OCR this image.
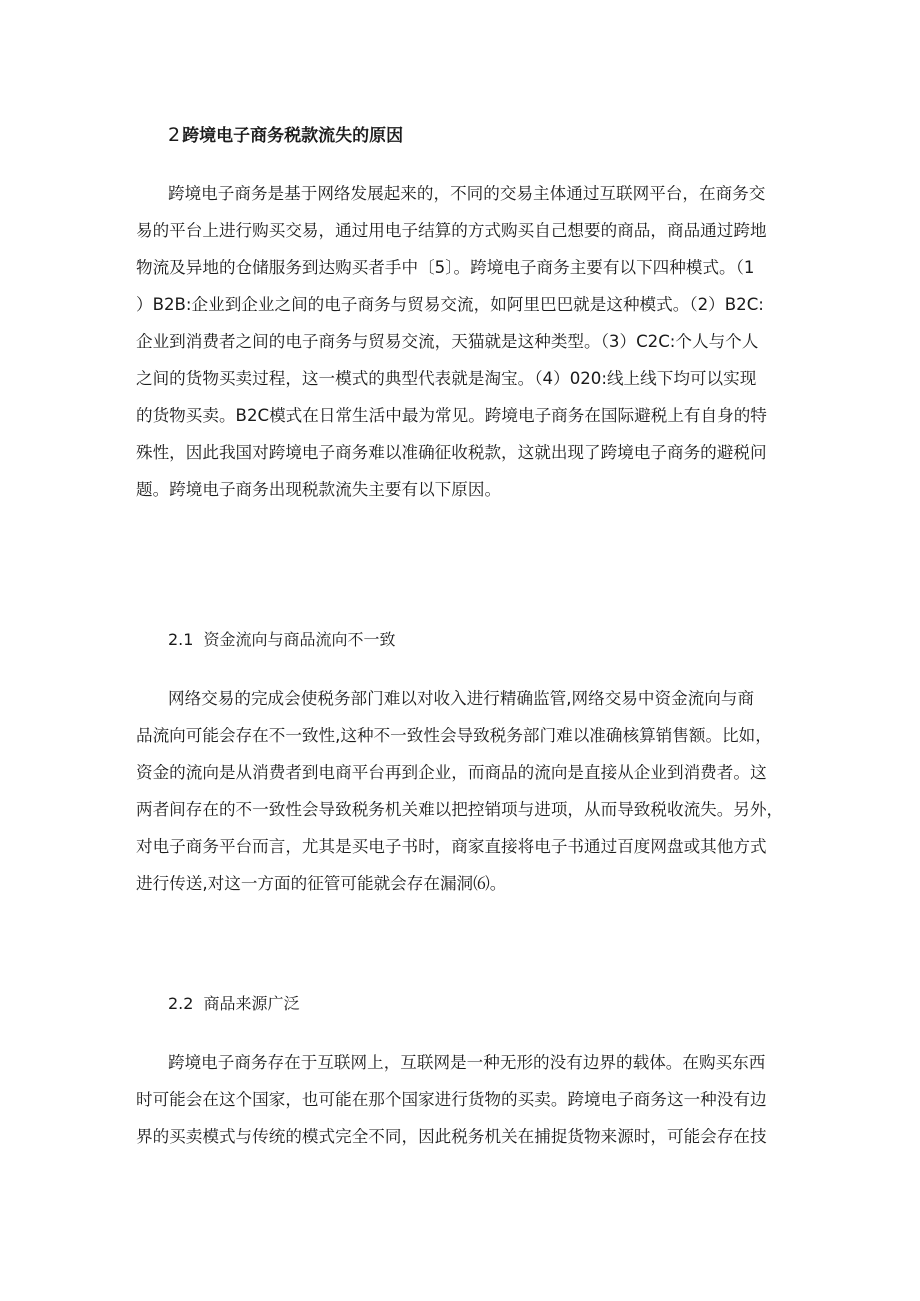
2 跨境电子商务税款流失的原因
跨境电子商务是基于网络发展起来的，不同的交易主体通过互联网平台，在商务交
易的平台上进行购买交易，通过用电子结算的方式购买自己想要的商品，商品通过跨地
物流及异地的仓储服务到达购买者手中〔5〕。跨境电子商务主要有以下四种模式。（1
）B2B:企业到企业之间的电子商务与贸易交流，如阿里巴巴就是这种模式。（2）B2C:
企业到消费者之间的电子商务与贸易交流，天猫就是这种类型。（3）C2C:个人与个人
之间的货物买卖过程，这一模式的典型代表就是淘宝。（4）020:线上线下均可以实现
的货物买卖。B2C模式在日常生活中最为常见。跨境电子商务在国际避税上有自身的特
殊性，因此我国对跨境电子商务难以准确征收税款，这就出现了跨境电子商务的避税问
题。跨境电子商务出现税款流失主要有以下原因。
2.1 资金流向与商品流向不一致
网络交易的完成会使税务部门难以对收入进行精确监管,网络交易中资金流向与商
品流向可能会存在不一致性,这种不一致性会导致税务部门难以准确核算销售额。比如，
资金的流向是从消费者到电商平台再到企业，而商品的流向是直接从企业到消费者。这
两者间存在的不一致性会导致税务机关难以把控销项与进项，从而导致税收流失。另外，
对电子商务平台而言，尤其是买电子书时，商家直接将电子书通过百度网盘或其他方式
进行传送,对这一方面的征管可能就会存在漏洞⑹。
2.2 商品来源广泛
跨境电子商务存在于互联网上，互联网是一种无形的没有边界的载体。在购买东西
时可能会在这个国家，也可能在那个国家进行货物的买卖。跨境电子商务这一种没有边
界的买卖模式与传统的模式完全不同，因此税务机关在捕捉货物来源时，可能会存在技
